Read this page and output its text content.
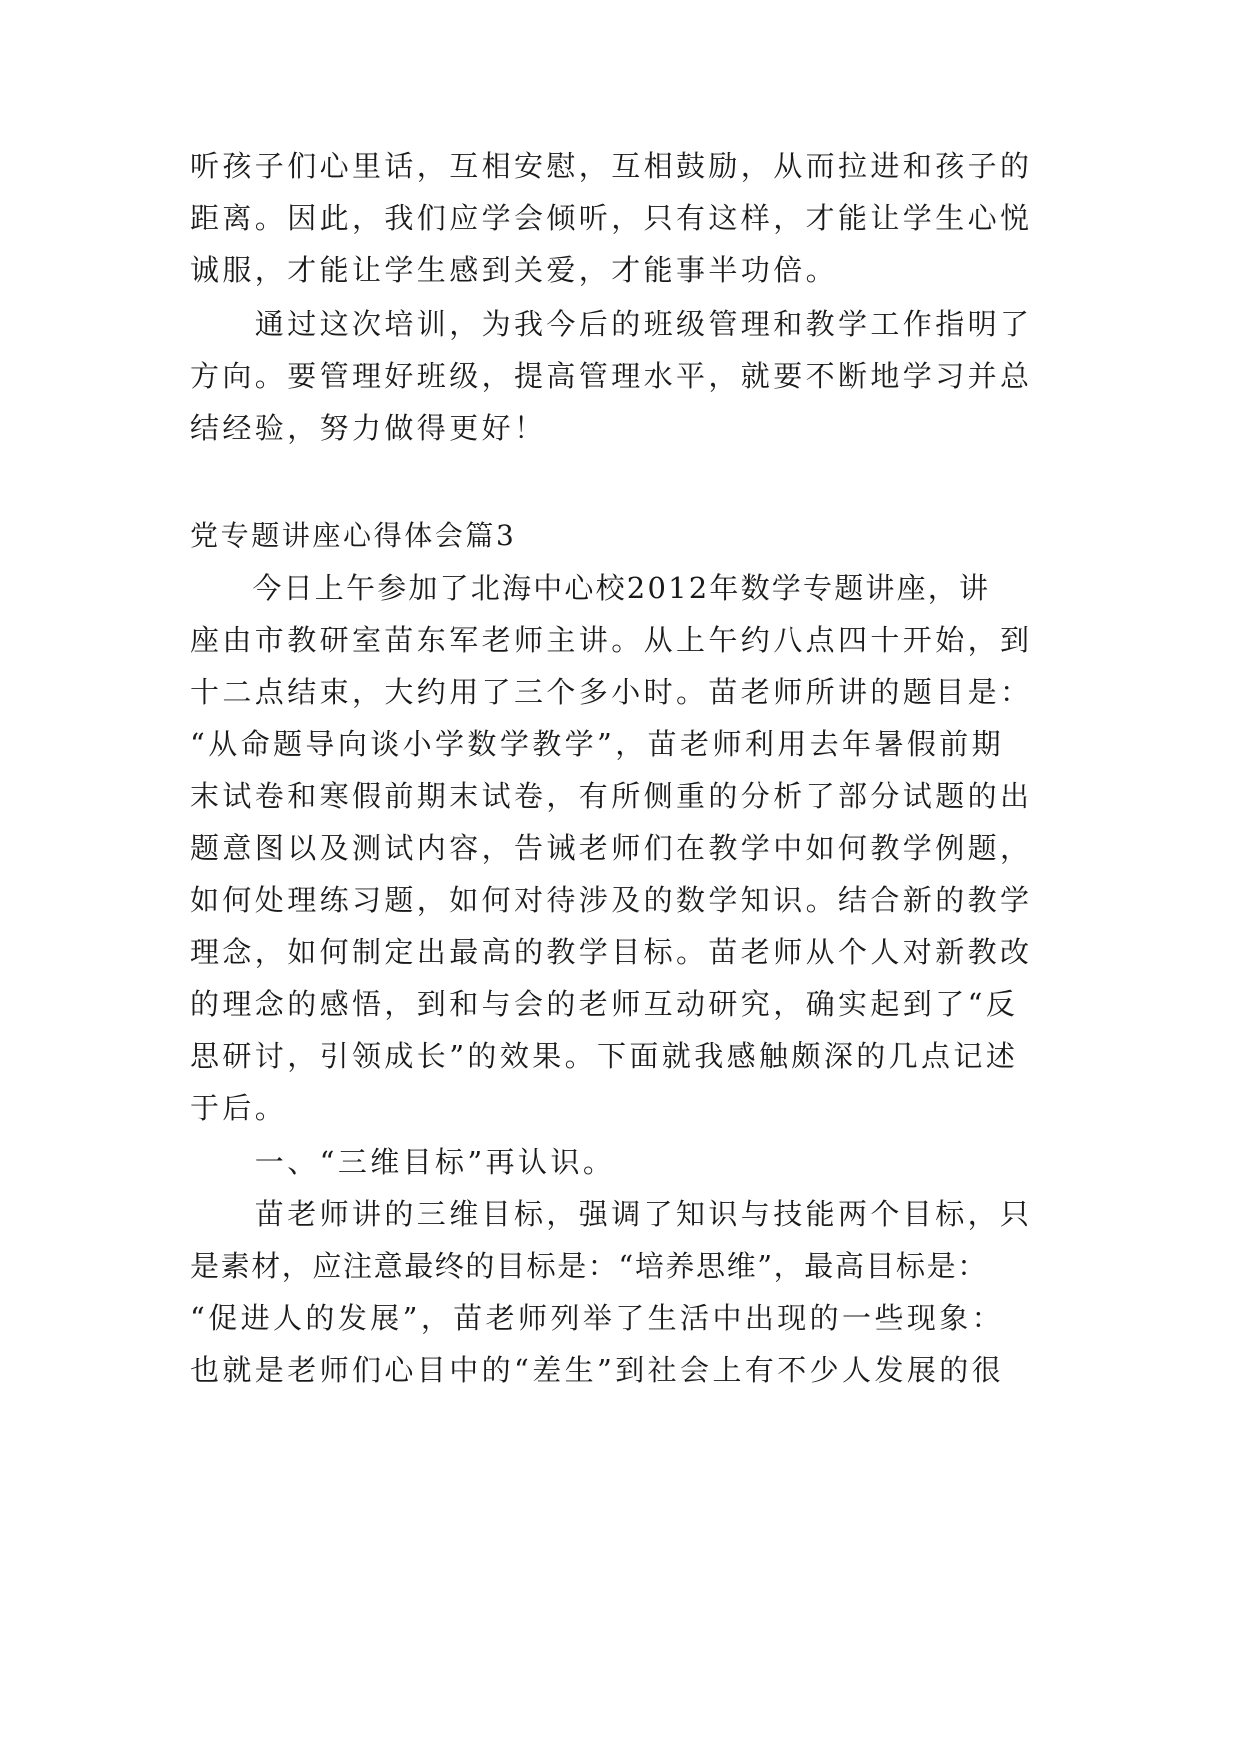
听孩子们心里话，互相安慰，互相鼓励，从而拉进和孩子的
距离。因此，我们应学会倾听，只有这样，才能让学生心悦
诚服，才能让学生感到关爱，才能事半功倍。
　　通过这次培训，为我今后的班级管理和教学工作指明了
方向。要管理好班级，提高管理水平，就要不断地学习并总
结经验，努力做得更好！
党专题讲座心得体会篇3
　　今日上午参加了北海中心校2012年数学专题讲座，讲
座由市教研室苗东军老师主讲。从上午约八点四十开始，到
十二点结束，大约用了三个多小时。苗老师所讲的题目是：
“从命题导向谈小学数学教学”，苗老师利用去年暑假前期
末试卷和寒假前期末试卷，有所侧重的分析了部分试题的出
题意图以及测试内容，告诫老师们在教学中如何教学例题，
如何处理练习题，如何对待涉及的数学知识。结合新的教学
理念，如何制定出最高的教学目标。苗老师从个人对新教改
的理念的感悟，到和与会的老师互动研究，确实起到了“反
思研讨，引领成长”的效果。下面就我感触颇深的几点记述
于后。
　　一、“三维目标”再认识。
　　苗老师讲的三维目标，强调了知识与技能两个目标，只
是素材，应注意最终的目标是：“培养思维”，最高目标是：
“促进人的发展”，苗老师列举了生活中出现的一些现象：
也就是老师们心目中的“差生”到社会上有不少人发展的很
